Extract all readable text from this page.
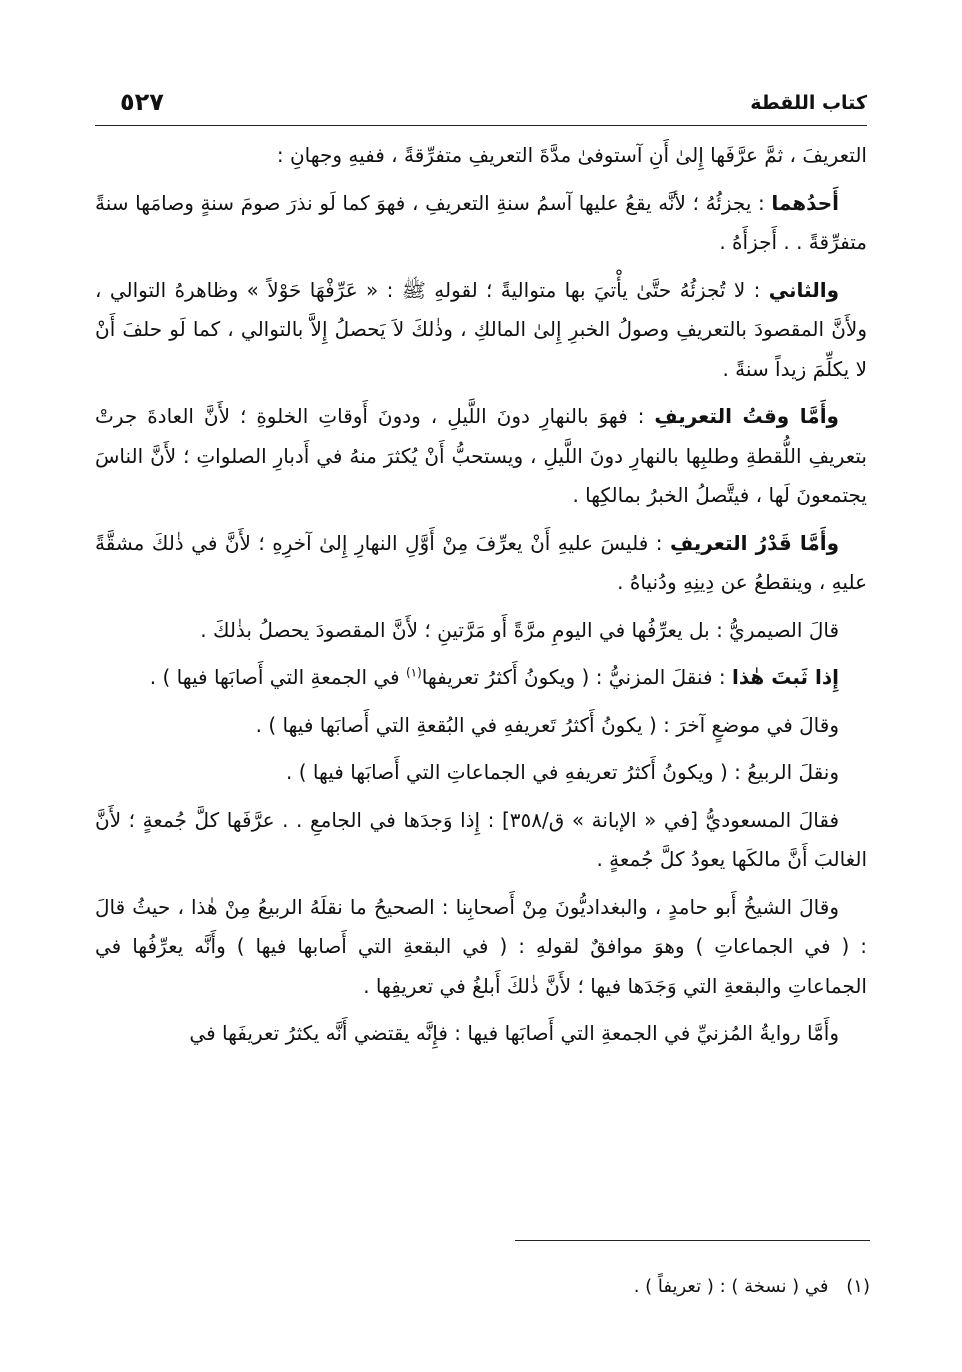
كتاب اللقطة
٥٢٧

التعريفَ ، ثمَّ عرَّفَها إِلىٰ أَنِ آستوفىٰ مدَّةَ التعريفِ متفرِّقةً ، ففيهِ وجهانِ :

أَحدُهما : يجزئُهُ ؛ لأنَّه يقعُ عليها آسمُ سنةِ التعريفِ ، فهوَ كما لَو نذرَ صومَ سنةٍ وصامَها سنةً متفرِّقةً . . أَجزأَهُ .

والثاني : لا تُجزئُهُ حتَّىٰ يأْتيَ بها متواليةً ؛ لقولهِ ﷺ : « عَرِّفْهَا حَوْلاً » وظاهرهُ التوالي ، ولأَنَّ المقصودَ بالتعريفِ وصولُ الخبرِ إِلىٰ المالكِ ، وذٰلكَ لاَ يَحصلُ إِلاَّ بالتوالي ، كما لَو حلفَ أَنْ لا يكلِّمَ زيداً سنةً .

وأَمَّا وقتُ التعريفِ : فهوَ بالنهارِ دونَ اللَّيلِ ، ودونَ أَوقاتِ الخلوةِ ؛ لأَنَّ العادةَ جرتْ بتعريفِ اللُّقطةِ وطلبِها بالنهارِ دونَ اللَّيلِ ، ويستحبُّ أَنْ يُكثرَ منهُ في أَدبارِ الصلواتِ ؛ لأَنَّ الناسَ يجتمعونَ لَها ، فيتَّصلُ الخبرُ بمالكِها .

وأَمَّا قَدْرُ التعريفِ : فليسَ عليهِ أَنْ يعرِّفَ مِنْ أَوَّلِ النهارِ إِلىٰ آخرِهِ ؛ لأَنَّ في ذٰلكَ مشقَّةً عليهِ ، وينقطعُ عن دِينِهِ ودُنياهُ .

قالَ الصيمريُّ : بل يعرِّفُها في اليومِ مرَّةً أَو مَرَّتينِ ؛ لأَنَّ المقصودَ يحصلُ بذٰلكَ .

إِذا ثَبتَ هٰذا : فنقلَ المزنيُّ : ( ويكونُ أَكثرُ تعريفها$^{(١)}$ في الجمعةِ التي أَصابَها فيها ) .

وقالَ في موضعٍ آخرَ : ( يكونُ أَكثرُ تَعريفهِ في البُقعةِ التي أَصابَها فيها ) .

ونقلَ الربيعُ : ( ويكونُ أَكثرُ تعريفهِ في الجماعاتِ التي أَصابَها فيها ) .

فقالَ المسعوديُّ [في « الإبانة » ق/٣٥٨] : إِذا وَجدَها في الجامعِ . . عرَّفَها كلَّ جُمعةٍ ؛ لأَنَّ الغالبَ أَنَّ مالكَها يعودُ كلَّ جُمعةٍ .

وقالَ الشيخُ أَبو حامدٍ ، والبغداديُّونَ مِنْ أَصحابِنا : الصحيحُ ما نقلَهُ الربيعُ مِنْ هٰذا ، حيثُ قالَ : ( في الجماعاتِ ) وهوَ موافقٌ لقولهِ : ( في البقعةِ التي أَصابها فيها ) وأَنَّه يعرِّفُها في الجماعاتِ والبقعةِ التي وَجَدَها فيها ؛ لأَنَّ ذٰلكَ أَبلغُ في تعريفِها .

وأَمَّا روايةُ المُزنيِّ في الجمعةِ التي أَصابَها فيها : فإِنَّه يقتضي أَنَّه يكثرُ تعريفَها في

(١) في ( نسخة ) : ( تعريفاً ) .
